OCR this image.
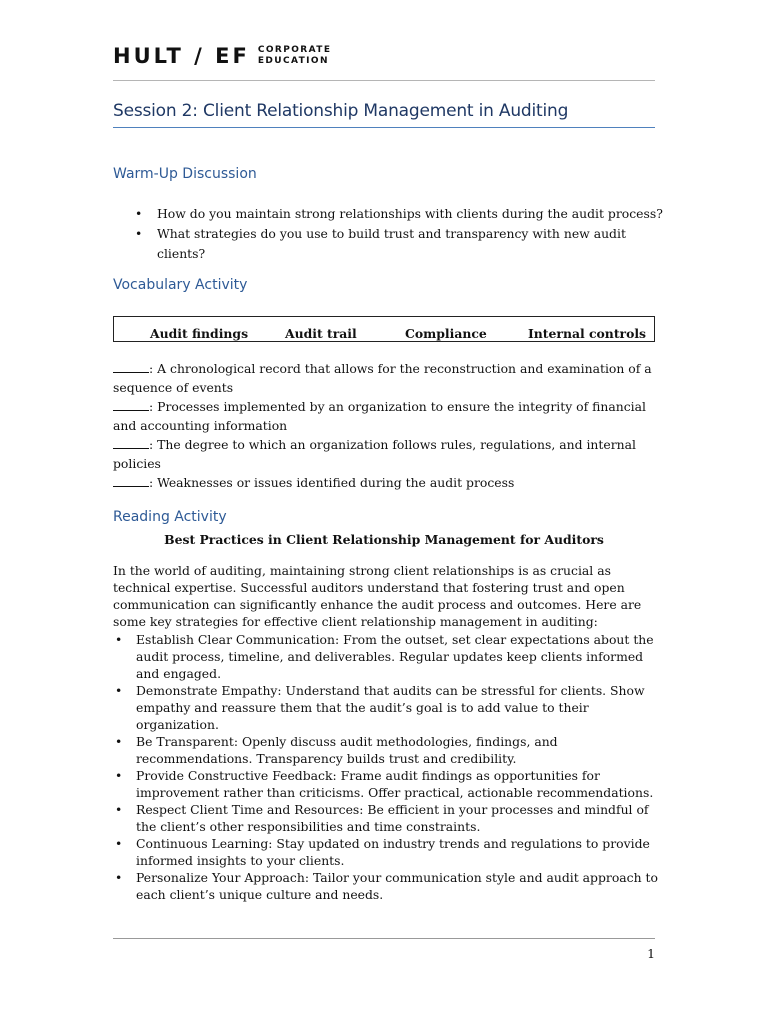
HULT / EF CORPORATE
EDUCATION
Session 2: Client Relationship Management in Auditing
Warm-Up Discussion
• How do you maintain strong relationships with clients during the audit process?
• What strategies do you use to build trust and transparency with new audit clients?
Vocabulary Activity
Audit findings	Audit trail	Compliance	Internal controls

: A chronological record that allows for the reconstruction and examination of a sequence of events

: Processes implemented by an organization to ensure the integrity of financial and accounting information

: The degree to which an organization follows rules, regulations, and internal policies

: Weaknesses or issues identified during the audit process

Reading Activity
Best Practices in Client Relationship Management for Auditors

In the world of auditing, maintaining strong client relationships is as crucial as technical expertise. Successful auditors understand that fostering trust and open communication can significantly enhance the audit process and outcomes. Here are some key strategies for effective client relationship management in auditing:

• Establish Clear Communication: From the outset, set clear expectations about the audit process, timeline, and deliverables. Regular updates keep clients informed and engaged.
• Demonstrate Empathy: Understand that audits can be stressful for clients. Show empathy and reassure them that the audit’s goal is to add value to their organization.
• Be Transparent: Openly discuss audit methodologies, findings, and recommendations. Transparency builds trust and credibility.
• Provide Constructive Feedback: Frame audit findings as opportunities for improvement rather than criticisms. Offer practical, actionable recommendations.
• Respect Client Time and Resources: Be efficient in your processes and mindful of the client’s other responsibilities and time constraints.
• Continuous Learning: Stay updated on industry trends and regulations to provide informed insights to your clients.
• Personalize Your Approach: Tailor your communication style and audit approach to each client’s unique culture and needs.
1
